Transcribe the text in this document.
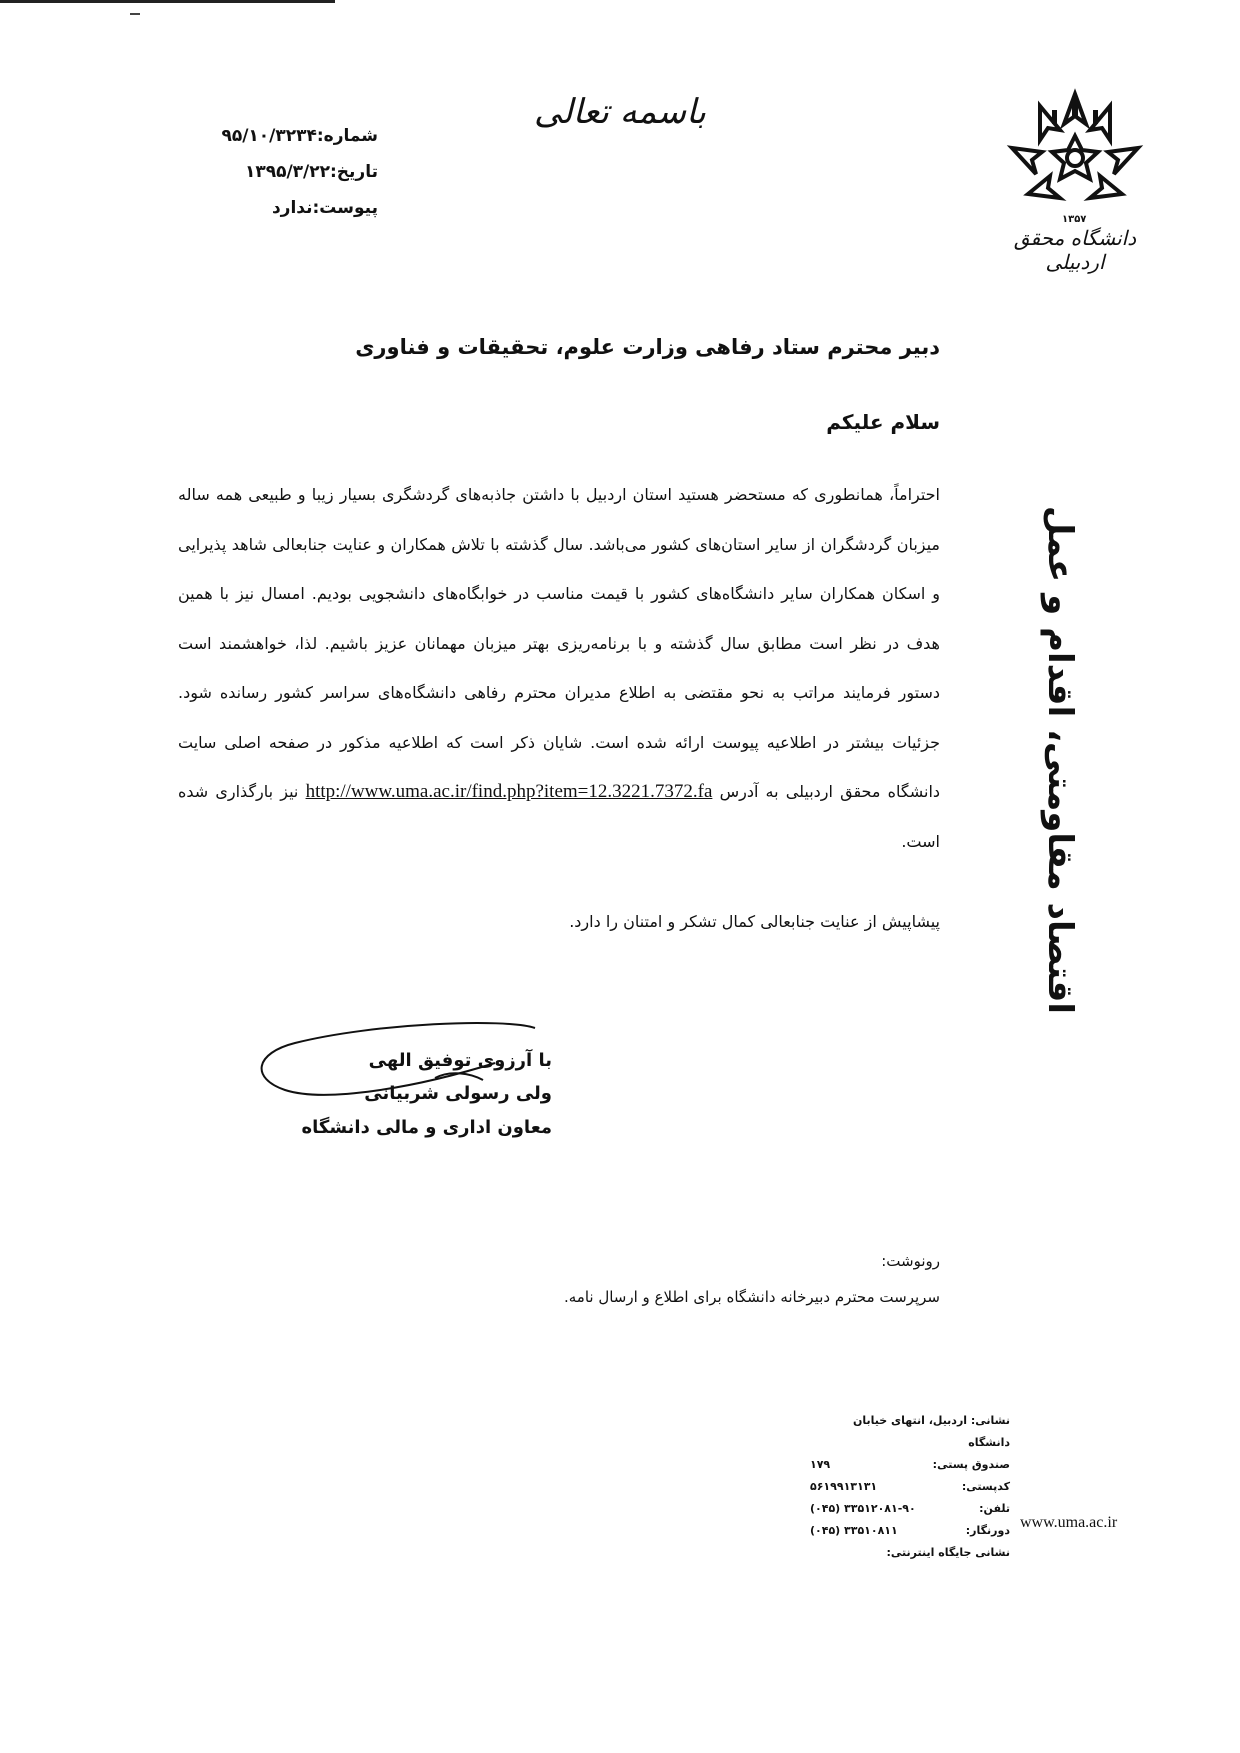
باسمه تعالی
شماره:۹۵/۱۰/۳۲۳۴
تاریخ:۱۳۹۵/۳/۲۲
پیوست:ندارد
۱۳۵۷
دانشگاه محقق اردبیلی
دبیر محترم ستاد رفاهی وزارت علوم، تحقیقات و فناوری
سلام علیکم

احتراماً، همانطوری که مستحضر هستید استان اردبیل با داشتن جاذبه‌های گردشگری بسیار زیبا و طبیعی همه ساله میزبان گردشگران از سایر استان‌های کشور می‌باشد. سال گذشته با تلاش همکاران و عنایت جنابعالی شاهد پذیرایی و اسکان همکاران سایر دانشگاه‌های کشور با قیمت مناسب در خوابگاه‌های دانشجویی بودیم. امسال نیز با همین هدف در نظر است مطابق سال گذشته و با برنامه‌ریزی بهتر میزبان مهمانان عزیز باشیم. لذا، خواهشمند است دستور فرمایند مراتب به نحو مقتضی به اطلاع مدیران محترم رفاهی دانشگاه‌های سراسر کشور رسانده شود. جزئیات بیشتر در اطلاعیه پیوست ارائه شده است. شایان ذکر است که اطلاعیه مذکور در صفحه اصلی سایت دانشگاه محقق اردبیلی به آدرس http://www.uma.ac.ir/find.php?item=12.3221.7372.fa نیز بارگذاری شده است.

پیشاپیش از عنایت جنابعالی کمال تشکر و امتنان را دارد.	اقتصاد مقاومتی، اقدام و عمل
با آرزوی توفیق الهی
ولی رسولی شربیانی
معاون اداری و مالی دانشگاه
رونوشت:
سرپرست محترم دبیرخانه دانشگاه برای اطلاع و ارسال نامه.
نشانی: اردبیل، انتهای خیابان دانشگاه
صندوق پستی:
۱۷۹
کدپستی:
۵۶۱۹۹۱۳۱۳۱
تلفن:
(۰۴۵) ۳۳۵۱۲۰۸۱-۹۰
دورنگار:
(۰۴۵) ۳۳۵۱۰۸۱۱
نشانی جایگاه اینترنتی:
www.uma.ac.ir
